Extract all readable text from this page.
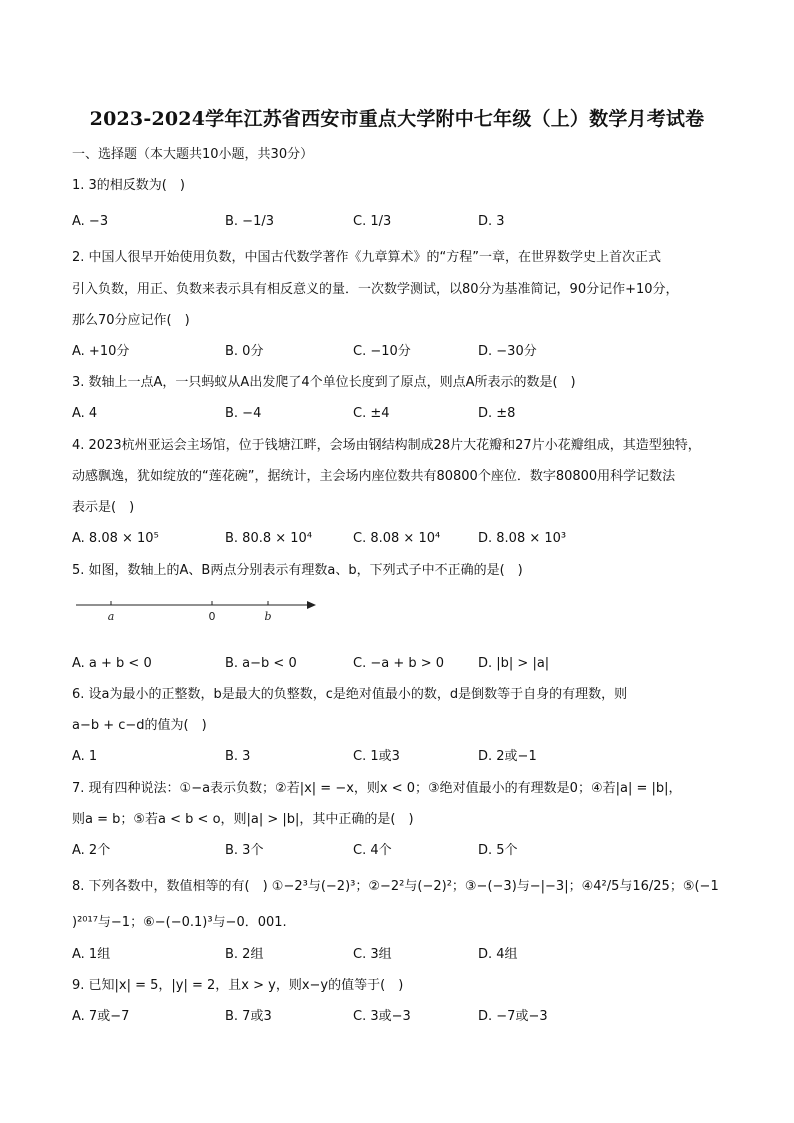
2023-2024学年江苏省西安市重点大学附中七年级（上）数学月考试卷
一、选择题（本大题共10小题，共30分）
1. 3的相反数为(　)
A. −3	B. −1/3	C. 1/3	D. 3
2. 中国人很早开始使用负数，中国古代数学著作《九章算术》的“方程”一章，在世界数学史上首次正式
引入负数，用正、负数来表示具有相反意义的量．一次数学测试，以80分为基准简记，90分记作+10分，
那么70分应记作(　)
A. +10分	B. 0分	C. −10分	D. −30分
3. 数轴上一点A，一只蚂蚁从A出发爬了4个单位长度到了原点，则点A所表示的数是(　)
A. 4	B. −4	C. ±4	D. ±8
4. 2023杭州亚运会主场馆，位于钱塘江畔，会场由钢结构制成28片大花瓣和27片小花瓣组成，其造型独特，
动感飘逸，犹如绽放的“莲花碗”，据统计，主会场内座位数共有80800个座位．数字80800用科学记数法
表示是(　)
A. 8.08 × 10⁵	B. 80.8 × 10⁴	C. 8.08 × 10⁴	D. 8.08 × 10³
5. 如图，数轴上的A、B两点分别表示有理数a、b，下列式子中不正确的是(　)
a	0	b
A. a + b < 0	B. a−b < 0	C. −a + b > 0	D. |b| > |a|
6. 设a为最小的正整数，b是最大的负整数，c是绝对值最小的数，d是倒数等于自身的有理数，则
a−b + c−d的值为(　)
A. 1	B. 3	C. 1或3	D. 2或−1
7. 现有四种说法：①−a表示负数；②若|x| = −x，则x < 0；③绝对值最小的有理数是0；④若|a| = |b|，
则a = b；⑤若a < b < o，则|a| > |b|，其中正确的是(　)
A. 2个	B. 3个	C. 4个	D. 5个
8. 下列各数中，数值相等的有(　) ①−2³与(−2)³；②−2²与(−2)²；③−(−3)与−|−3|；④4²/5与16/25；⑤(−1
)²⁰¹⁷与−1；⑥−(−0.1)³与−0．001.
A. 1组	B. 2组	C. 3组	D. 4组
9. 已知|x| = 5，|y| = 2，且x > y，则x−y的值等于(　)
A. 7或−7	B. 7或3	C. 3或−3	D. −7或−3
